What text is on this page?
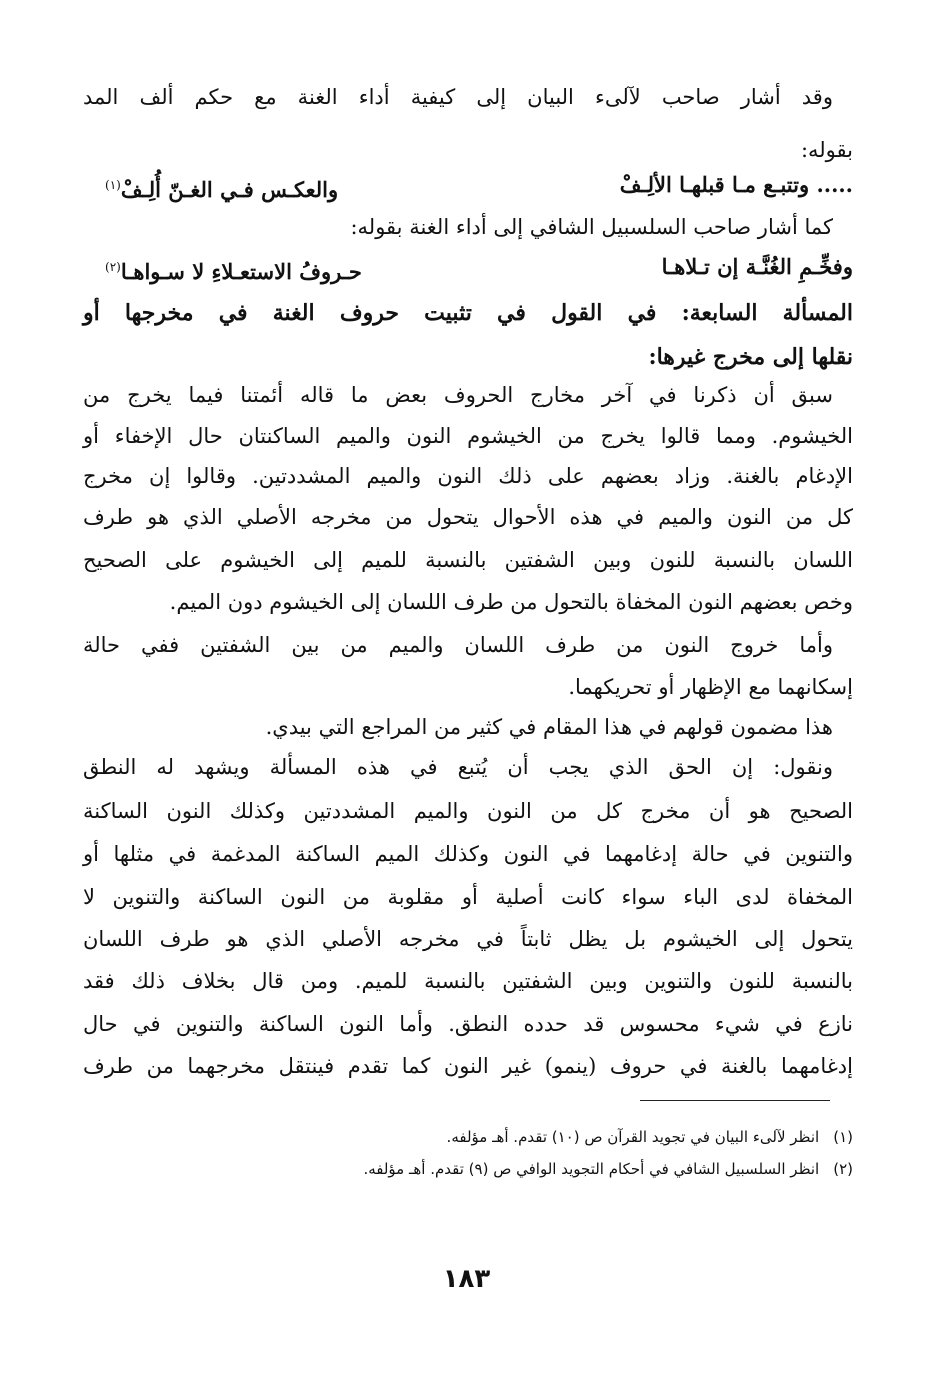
وقد أشار صاحب لآلىء البيان إلى كيفية أداء الغنة مع حكم ألف المد
بقوله:
..... وتتبـع مـا قبلهـا الألِـفْ
والعكـس فـي الغـنّ أُلِـفْ$^{(١)}$
كما أشار صاحب السلسبيل الشافي إلى أداء الغنة بقوله:
وفخِّـمِ الغُنَّـة إن تـلاهـا
حـروفُ الاستعـلاءِ لا سـواهـا$^{(٢)}$
المسألة السابعة: في القول في تثبيت حروف الغنة في مخرجها أو
نقلها إلى مخرج غيرها:
سبق أن ذكرنا في آخر مخارج الحروف بعض ما قاله أئمتنا فيما يخرج من
الخيشوم. ومما قالوا يخرج من الخيشوم النون والميم الساكنتان حال الإخفاء أو
الإدغام بالغنة. وزاد بعضهم على ذلك النون والميم المشددتين. وقالوا إن مخرج
كل من النون والميم في هذه الأحوال يتحول من مخرجه الأصلي الذي هو طرف
اللسان بالنسبة للنون وبين الشفتين بالنسبة للميم إلى الخيشوم على الصحيح
وخص بعضهم النون المخفاة بالتحول من طرف اللسان إلى الخيشوم دون الميم.
وأما خروج النون من طرف اللسان والميم من بين الشفتين ففي حالة
إسكانهما مع الإظهار أو تحريكهما.
هذا مضمون قولهم في هذا المقام في كثير من المراجع التي بيدي.
ونقول: إن الحق الذي يجب أن يُتبع في هذه المسألة ويشهد له النطق
الصحيح هو أن مخرج كل من النون والميم المشددتين وكذلك النون الساكنة
والتنوين في حالة إدغامهما في النون وكذلك الميم الساكنة المدغمة في مثلها أو
المخفاة لدى الباء سواء كانت أصلية أو مقلوبة من النون الساكنة والتنوين لا
يتحول إلى الخيشوم بل يظل ثابتاً في مخرجه الأصلي الذي هو طرف اللسان
بالنسبة للنون والتنوين وبين الشفتين بالنسبة للميم. ومن قال بخلاف ذلك فقد
نازع في شيء محسوس قد حدده النطق. وأما النون الساكنة والتنوين في حال
إدغامهما بالغنة في حروف (ينمو) غير النون كما تقدم فينتقل مخرجهما من طرف
(١)انظر لآلىء البيان في تجويد القرآن ص (١٠) تقدم. أهـ مؤلفه.
(٢)انظر السلسبيل الشافي في أحكام التجويد الوافي ص (٩) تقدم. أهـ مؤلفه.
١٨٣
